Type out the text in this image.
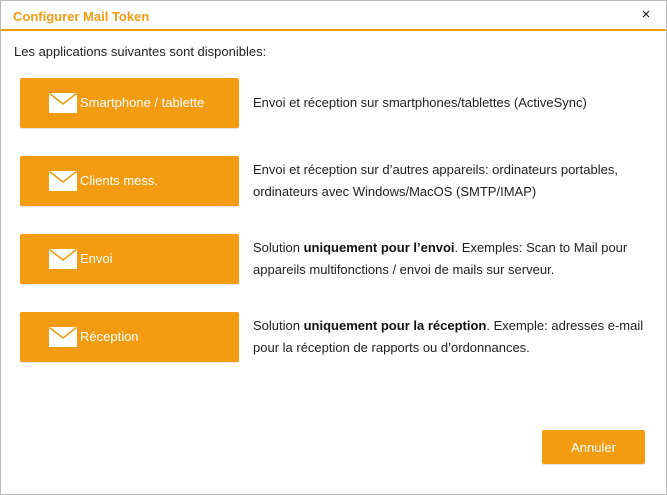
Configurer Mail Token	×
Les applications suivantes sont disponibles:
Smartphone / tablette	Envoi et réception sur smartphones/tablettes (ActiveSync)
Clients mess.
Envoi et réception sur d’autres appareils: ordinateurs portables, ordinateurs avec Windows/MacOS (SMTP/IMAP)
Envoi
Solution uniquement pour l’envoi. Exemples: Scan to Mail pour appareils multifonctions / envoi de mails sur serveur.
Réception
Solution uniquement pour la réception. Exemple: adresses e-mail pour la réception de rapports ou d’ordonnances.
Annuler
